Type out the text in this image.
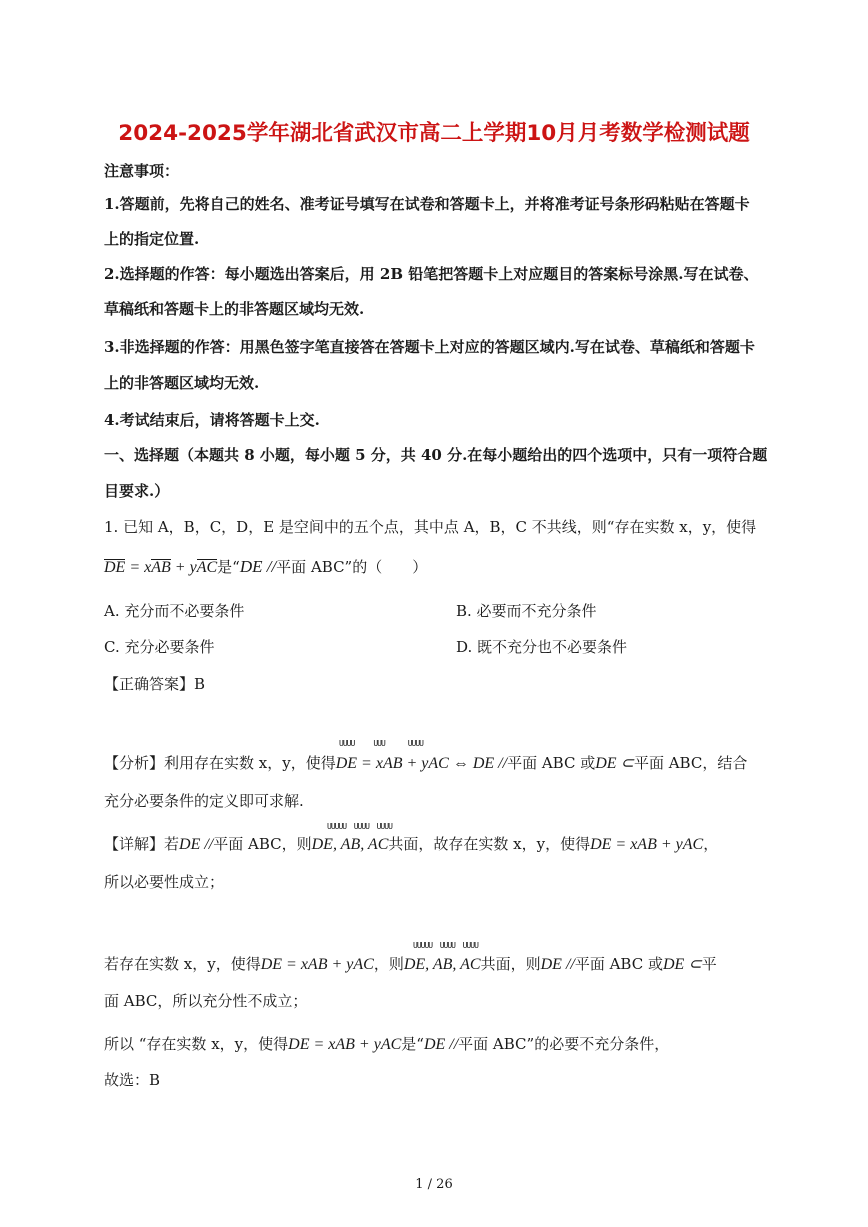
2024-2025学年湖北省武汉市高二上学期10月月考数学检测试题
注意事项：
1.答题前，先将自己的姓名、准考证号填写在试卷和答题卡上，并将准考证号条形码粘贴在答题卡
上的指定位置.
2.选择题的作答：每小题选出答案后，用 2B 铅笔把答题卡上对应题目的答案标号涂黑.写在试卷、
草稿纸和答题卡上的非答题区域均无效.
3.非选择题的作答：用黑色签字笔直接答在答题卡上对应的答题区域内.写在试卷、草稿纸和答题卡
上的非答题区域均无效.
4.考试结束后，请将答题卡上交.
一、选择题（本题共 8 小题，每小题 5 分，共 40 分.在每小题给出的四个选项中，只有一项符合题
目要求.）
1. 已知 A，B，C，D，E 是空间中的五个点，其中点 A，B，C 不共线，则“存在实数 x，y，使得
DE = xAB + yAC是“DE //平面 ABC”的（　　）
A. 充分而不必要条件	B. 必要而不充分条件
C. 充分必要条件	D. 既不充分也不必要条件
【正确答案】B
UUUU     UUU      UUUU
【分析】利用存在实数 x，y，使得DE = xAB + yAC ⇔ DE //平面 ABC 或DE ⊂平面 ABC，结合
充分必要条件的定义即可求解.
UUUUU  UUUU  UUUU
【详解】若DE //平面 ABC，则DE, AB, AC共面，故存在实数 x，y，使得DE = xAB + yAC，
所以必要性成立；
UUUUU  UUUU  UUUU
若存在实数 x，y，使得DE = xAB + yAC，则DE, AB, AC共面，则DE //平面 ABC 或DE ⊂平
面 ABC，所以充分性不成立；
所以 “存在实数 x，y，使得DE = xAB + yAC是“DE //平面 ABC”的必要不充分条件，
故选：B
1 / 26
